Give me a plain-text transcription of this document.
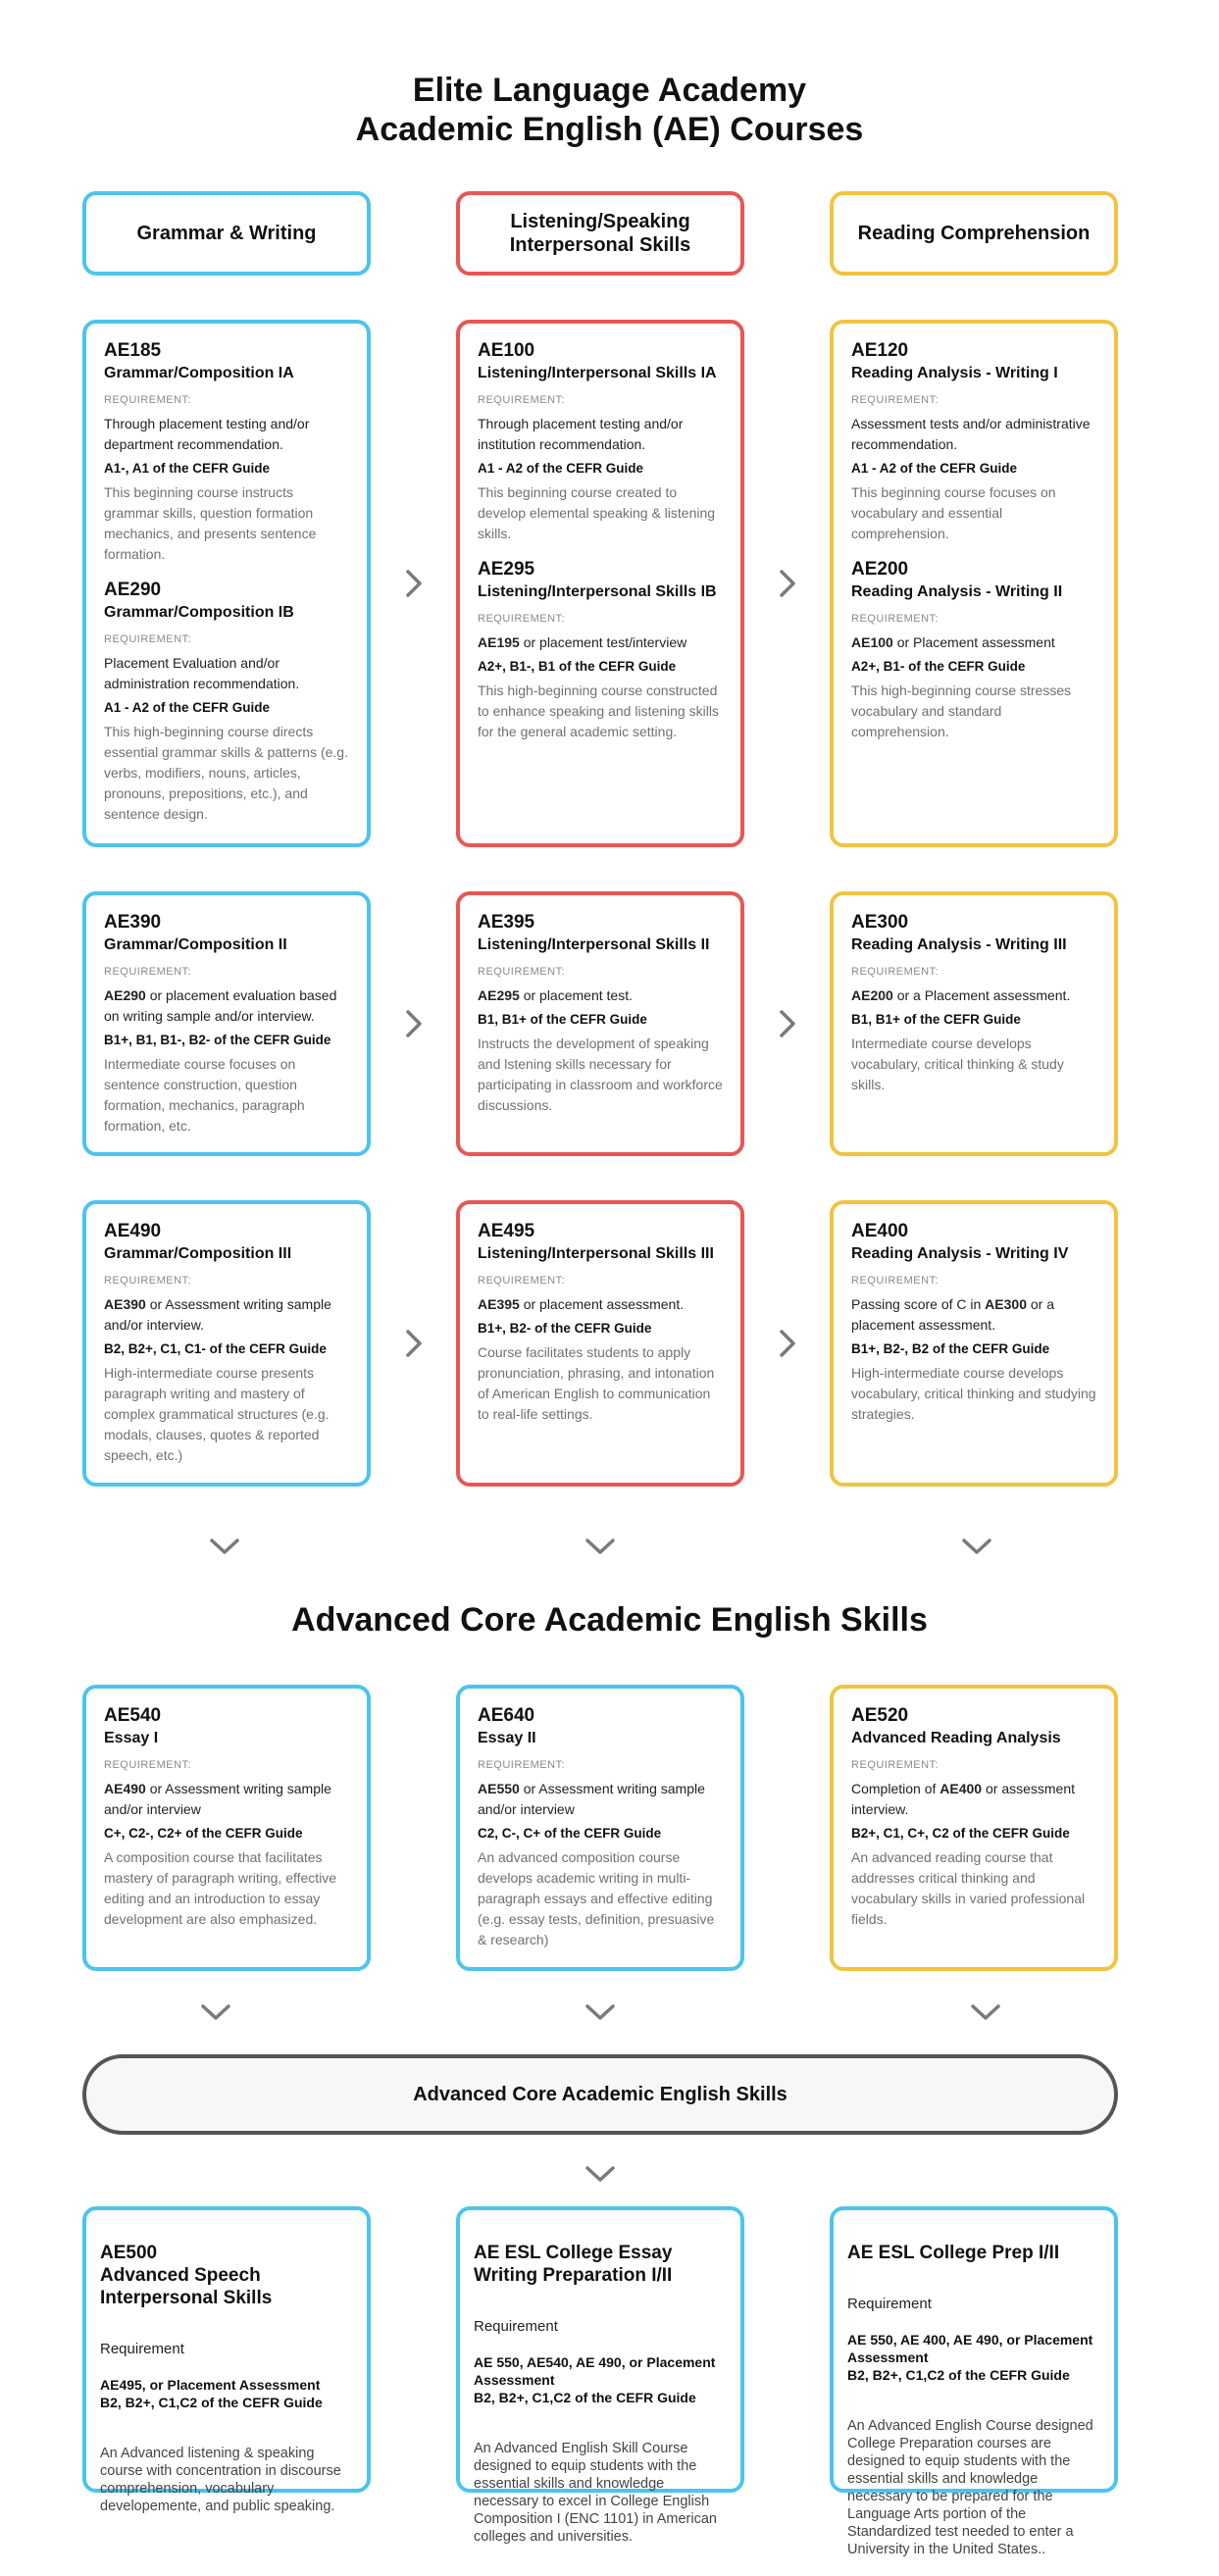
Elite Language Academy
Academic English (AE) Courses
Grammar & Writing
Listening/Speaking
Interpersonal Skills
Reading Comprehension
AE185
Grammar/Composition IA
REQUIREMENT:
Through placement testing and/or department recommendation.
A1-, A1 of the CEFR Guide
This beginning course instructs grammar skills, question formation mechanics, and presents sentence formation.
AE290
Grammar/Composition IB
REQUIREMENT:
Placement Evaluation and/or administration recommendation.
A1 - A2 of the CEFR Guide
This high-beginning course directs essential grammar skills & patterns (e.g. verbs, modifiers, nouns, articles, pronouns, prepositions, etc.), and sentence design.
AE100
Listening/Interpersonal Skills IA
REQUIREMENT:
Through placement testing and/or institution recommendation.
A1 - A2 of the CEFR Guide
This beginning course created to develop elemental speaking & listening skills.
AE295
Listening/Interpersonal Skills IB
REQUIREMENT:
AE195 or placement test/interview
A2+, B1-, B1 of the CEFR Guide
This high-beginning course constructed to enhance speaking and listening skills for the general academic setting.
AE120
Reading Analysis - Writing I
REQUIREMENT:
Assessment tests and/or administrative recommendation.
A1 - A2 of the CEFR Guide
This beginning course focuses on vocabulary and essential comprehension.
AE200
Reading Analysis - Writing II
REQUIREMENT:
AE100 or Placement assessment
A2+, B1- of the CEFR Guide
This high-beginning course stresses vocabulary and standard comprehension.
AE390
Grammar/Composition II
REQUIREMENT:
AE290 or placement evaluation based on writing sample and/or interview.
B1+, B1, B1-, B2- of the CEFR Guide
Intermediate course focuses on sentence construction, question formation, mechanics, paragraph formation, etc.
AE395
Listening/Interpersonal Skills II
REQUIREMENT:
AE295 or placement test.
B1, B1+ of the CEFR Guide
Instructs the development of speaking and lstening skills necessary for participating in classroom and workforce discussions.
AE300
Reading Analysis - Writing III
REQUIREMENT:
AE200 or a Placement assessment.
B1, B1+ of the CEFR Guide
Intermediate course develops vocabulary, critical thinking & study skills.
AE490
Grammar/Composition III
REQUIREMENT:
AE390 or Assessment writing sample and/or interview.
B2, B2+, C1, C1- of the CEFR Guide
High-intermediate course presents paragraph writing and mastery of complex grammatical structures (e.g. modals, clauses, quotes & reported speech, etc.)
AE495
Listening/Interpersonal Skills III
REQUIREMENT:
AE395 or placement assessment.
B1+, B2- of the CEFR Guide
Course facilitates students to apply pronunciation, phrasing, and intonation of American English to communication to real-life settings.
AE400
Reading Analysis - Writing IV
REQUIREMENT:
Passing score of C in AE300 or a placement assessment.
B1+, B2-, B2 of the CEFR Guide
High-intermediate course develops vocabulary, critical thinking and studying strategies.
Advanced Core Academic English Skills
AE540
Essay I
REQUIREMENT:
AE490 or Assessment writing sample and/or interview
C+, C2-, C2+ of the CEFR Guide
A composition course that facilitates mastery of paragraph writing, effective editing and an introduction to essay development are also emphasized.
AE640
Essay II
REQUIREMENT:
AE550 or Assessment writing sample and/or interview
C2, C-, C+ of the CEFR Guide
An advanced composition course develops academic writing in multi-paragraph essays and effective editing (e.g. essay tests, definition, presuasive & research)
AE520
Advanced Reading Analysis
REQUIREMENT:
Completion of AE400 or assessment interview.
B2+, C1, C+, C2 of the CEFR Guide
An advanced reading course that addresses critical thinking and vocabulary skills in varied professional fields.
Advanced Core Academic English Skills

AE500
Advanced Speech Interpersonal Skills

Requirement

AE495, or Placement Assessment
B2, B2+, C1,C2 of the CEFR Guide

An Advanced listening & speaking course with concentration in discourse comprehension, vocabulary developemente, and public speaking.

AE ESL College Essay Writing Preparation I/II

Requirement

AE 550, AE540, AE 490, or Placement Assessment
B2, B2+, C1,C2 of the CEFR Guide

An Advanced English Skill Course designed to equip students with the essential skills and knowledge necessary to excel in College English Composition I (ENC 1101) in American colleges and universities.

AE ESL College Prep I/II

Requirement

AE 550, AE 400, AE 490, or Placement Assessment
B2, B2+, C1,C2 of the CEFR Guide

An Advanced English Course designed College Preparation courses are designed to equip students with the essential skills and knowledge necessary to be prepared for the Language Arts portion of the Standardized test needed to enter a University in the United States..
